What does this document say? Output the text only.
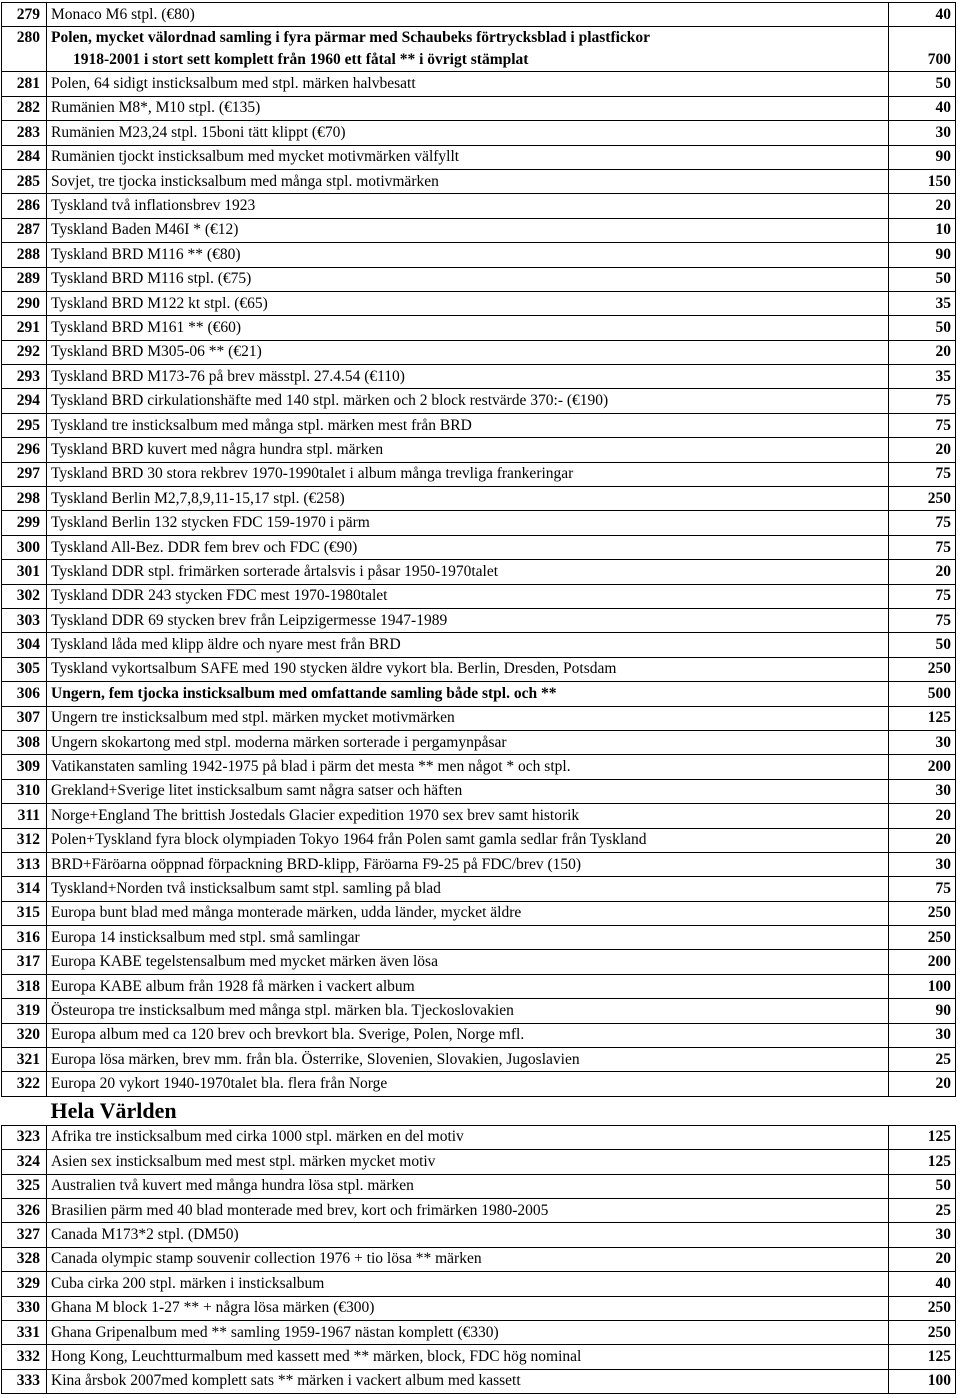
279	Monaco M6 stpl. (€80)	40
280	Polen, mycket välordnad samling i fyra pärmar med Schaubeks förtrycksblad i plastfickor	
	1918-2001 i stort sett komplett från 1960 ett fåtal ** i övrigt stämplat	700
281	Polen, 64 sidigt insticksalbum med stpl. märken halvbesatt	50
282	Rumänien M8*, M10 stpl. (€135)	40
283	Rumänien M23,24 stpl. 15boni tätt klippt (€70)	30
284	Rumänien tjockt insticksalbum med mycket motivmärken välfyllt	90
285	Sovjet, tre tjocka insticksalbum med många stpl. motivmärken	150
286	Tyskland två inflationsbrev 1923	20
287	Tyskland Baden M46I * (€12)	10
288	Tyskland BRD M116 ** (€80)	90
289	Tyskland BRD M116 stpl. (€75)	50
290	Tyskland BRD M122 kt stpl. (€65)	35
291	Tyskland BRD M161 ** (€60)	50
292	Tyskland BRD M305-06 ** (€21)	20
293	Tyskland BRD M173-76 på brev mässtpl. 27.4.54 (€110)	35
294	Tyskland BRD cirkulationshäfte med 140 stpl. märken och 2 block restvärde 370:- (€190)	75
295	Tyskland tre insticksalbum med många stpl. märken mest från BRD	75
296	Tyskland BRD kuvert med några hundra stpl. märken	20
297	Tyskland BRD 30 stora rekbrev 1970-1990talet i album många trevliga frankeringar	75
298	Tyskland Berlin M2,7,8,9,11-15,17 stpl. (€258)	250
299	Tyskland Berlin 132 stycken FDC 159-1970 i pärm	75
300	Tyskland All-Bez. DDR fem brev och FDC (€90)	75
301	Tyskland DDR stpl. frimärken sorterade årtalsvis i påsar 1950-1970talet	20
302	Tyskland DDR 243 stycken FDC mest 1970-1980talet	75
303	Tyskland DDR 69 stycken brev från Leipzigermesse 1947-1989	75
304	Tyskland låda med klipp äldre och nyare mest från BRD	50
305	Tyskland vykortsalbum SAFE med 190 stycken äldre vykort bla. Berlin, Dresden, Potsdam	250
306	Ungern, fem tjocka insticksalbum med omfattande samling både stpl. och **	500
307	Ungern tre insticksalbum med stpl. märken mycket motivmärken	125
308	Ungern skokartong med stpl. moderna märken sorterade i pergamynpåsar	30
309	Vatikanstaten samling 1942-1975 på blad i pärm det mesta ** men något * och stpl.	200
310	Grekland+Sverige litet insticksalbum samt några satser och häften	30
311	Norge+England The brittish Jostedals Glacier expedition 1970 sex brev samt historik	20
312	Polen+Tyskland fyra block olympiaden Tokyo 1964 från Polen samt gamla sedlar från Tyskland	20
313	BRD+Färöarna oöppnad förpackning BRD-klipp, Färöarna F9-25 på FDC/brev (150)	30
314	Tyskland+Norden två insticksalbum samt stpl. samling på blad	75
315	Europa bunt blad med många monterade märken, udda länder, mycket äldre	250
316	Europa 14 insticksalbum med stpl. små samlingar	250
317	Europa KABE tegelstensalbum med mycket märken även lösa	200
318	Europa KABE album från 1928 få märken i vackert album	100
319	Östeuropa tre insticksalbum med många stpl. märken bla. Tjeckoslovakien	90
320	Europa album med ca 120 brev och brevkort bla. Sverige, Polen, Norge mfl.	30
321	Europa lösa märken, brev mm. från bla. Österrike, Slovenien, Slovakien, Jugoslavien	25
322	Europa 20 vykort 1940-1970talet bla. flera från Norge	20
	Hela Världen	
323	Afrika tre insticksalbum med cirka 1000 stpl. märken en del motiv	125
324	Asien sex insticksalbum med mest stpl. märken mycket motiv	125
325	Australien två kuvert med många hundra lösa stpl. märken	50
326	Brasilien pärm med 40 blad monterade med brev, kort och frimärken 1980-2005	25
327	Canada M173*2 stpl. (DM50)	30
328	Canada olympic stamp souvenir collection 1976 + tio lösa ** märken	20
329	Cuba cirka 200 stpl. märken i insticksalbum	40
330	Ghana M block 1-27 ** + några lösa märken (€300)	250
331	Ghana Gripenalbum med ** samling 1959-1967 nästan komplett (€330)	250
332	Hong Kong, Leuchtturmalbum med kassett med ** märken, block, FDC hög nominal	125
333	Kina årsbok 2007med komplett sats ** märken i vackert album med kassett	100
